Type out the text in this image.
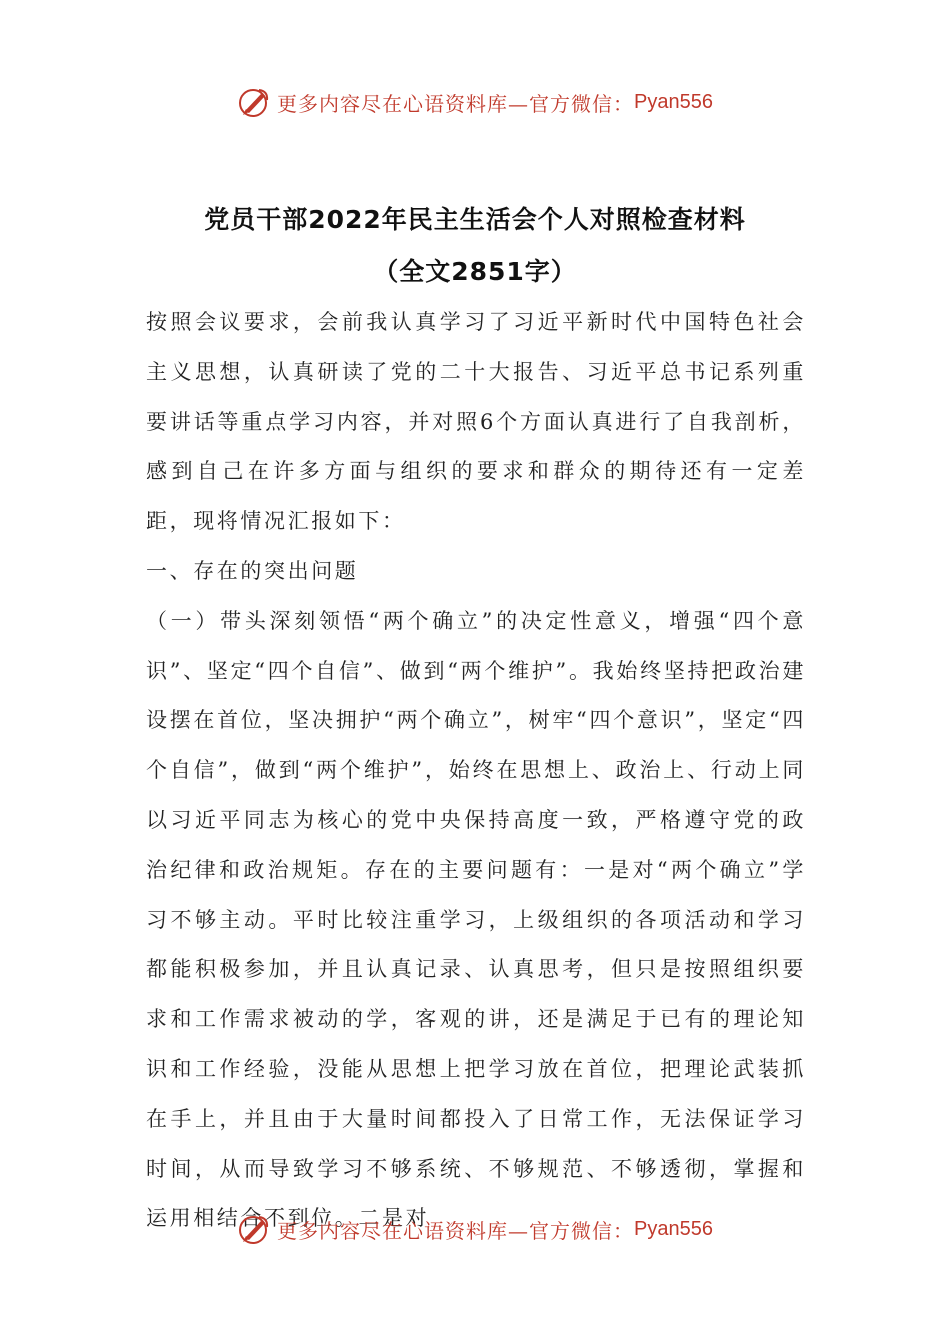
更多内容尽在心语资料库—官方微信： Pyan556
党员干部2022年民主生活会个人对照检查材料
（全文2851字）

按照会议要求，会前我认真学习了习近平新时代中国特色社会主义思想，认真研读了党的二十大报告、习近平总书记系列重要讲话等重点学习内容，并对照6个方面认真进行了自我剖析，感到自己在许多方面与组织的要求和群众的期待还有一定差距，现将情况汇报如下：

一、存在的突出问题

（一）带头深刻领悟“两个确立”的决定性意义，增强“四个意识”、坚定“四个自信”、做到“两个维护”。我始终坚持把政治建设摆在首位，坚决拥护“两个确立”，树牢“四个意识”，坚定“四个自信”，做到“两个维护”，始终在思想上、政治上、行动上同以习近平同志为核心的党中央保持高度一致，严格遵守党的政治纪律和政治规矩。存在的主要问题有：一是对“两个确立”学习不够主动。平时比较注重学习，上级组织的各项活动和学习都能积极参加，并且认真记录、认真思考，但只是按照组织要求和工作需求被动的学，客观的讲，还是满足于已有的理论知识和工作经验，没能从思想上把学习放在首位，把理论武装抓在手上，并且由于大量时间都投入了日常工作，无法保证学习时间，从而导致学习不够系统、不够规范、不够透彻，掌握和运用相结合不到位。二是对

更多内容尽在心语资料库—官方微信： Pyan556
